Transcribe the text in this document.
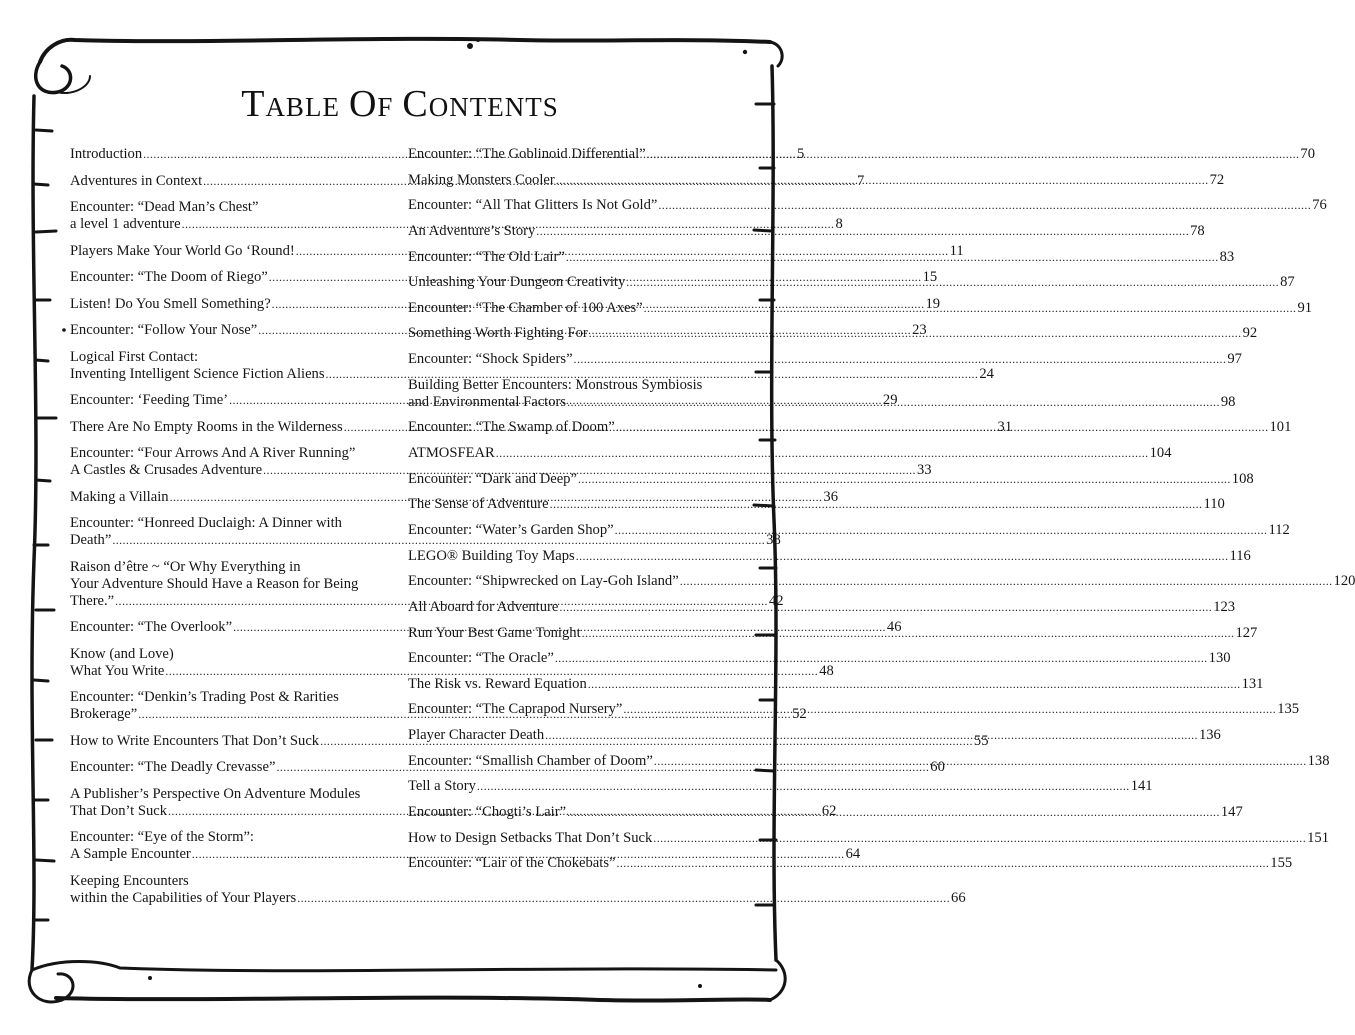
TABLE OF CONTENTS
Introduction .....	5
Adventures in Context .....	7
Encounter: “Dead Man’s Chest”
a level 1 adventure .....	8
Players Make Your World Go ‘Round! .....	11
Encounter: “The Doom of Riego” .....	15
Listen! Do You Smell Something? .....	19
Encounter: “Follow Your Nose” .....	23
Logical First Contact:
Inventing Intelligent Science Fiction Aliens .....	24
Encounter: ‘Feeding Time’ .....	29
There Are No Empty Rooms in the Wilderness .....	31
Encounter: “Four Arrows And A River Running”
A Castles & Crusades Adventure .....	33
Making a Villain .....	36
Encounter: “Honreed Duclaigh: A Dinner with
Death” .....	38
Raison d’être ~ “Or Why Everything in
Your Adventure Should Have a Reason for Being
There.” .....	42
Encounter: “The Overlook” .....	46
Know (and Love)
What You Write .....	48
Encounter: “Denkin’s Trading Post & Rarities
Brokerage” .....	52
How to Write Encounters That Don’t Suck .....	55
Encounter: “The Deadly Crevasse” .....	60
A Publisher’s Perspective On Adventure Modules
That Don’t Suck .....	62
Encounter: “Eye of the Storm”:
A Sample Encounter .....	64
Keeping Encounters
within the Capabilities of Your Players .....	66
Encounter: “The Goblinoid Differential” .....	70
Making Monsters Cooler .....	72
Encounter: “All That Glitters Is Not Gold” .....	76
An Adventure’s Story .....	78
Encounter: “The Old Lair” .....	83
Unleashing Your Dungeon Creativity .....	87
Encounter: “The Chamber of 100 Axes” .....	91
Something Worth Fighting For .....	92
Encounter: “Shock Spiders” .....	97
Building Better Encounters: Monstrous Symbiosis
and Environmental Factors .....	98
Encounter: “The Swamp of Doom” .....	101
ATMOSFEAR .....	104
Encounter: “Dark and Deep” .....	108
The Sense of Adventure .....	110
Encounter: “Water’s Garden Shop” .....	112
LEGO® Building Toy Maps .....	116
Encounter: “Shipwrecked on Lay-Goh Island” .....	120
All Aboard for Adventure .....	123
Run Your Best Game Tonight .....	127
Encounter: “The Oracle” .....	130
The Risk vs. Reward Equation .....	131
Encounter: “The Caprapod Nursery” .....	135
Player Character Death .....	136
Encounter: “Smallish Chamber of Doom” .....	138
Tell a Story .....	141
Encounter: “Chogti’s Lair” .....	147
How to Design Setbacks That Don’t Suck .....	151
Encounter: “Lair of the Chokebats” .....	155
